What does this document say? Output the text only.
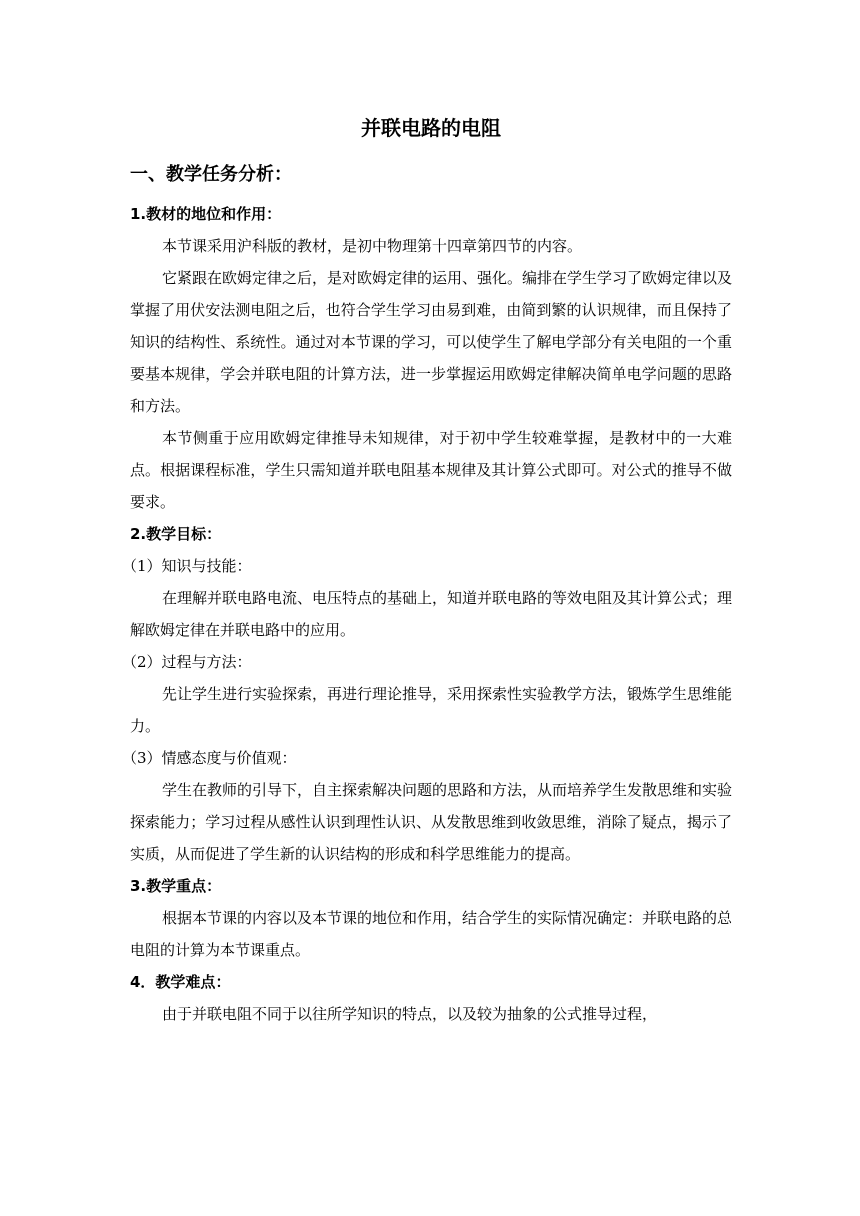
并联电路的电阻
一、教学任务分析：
1.教材的地位和作用：

本节课采用沪科版的教材，是初中物理第十四章第四节的内容。

它紧跟在欧姆定律之后，是对欧姆定律的运用、强化。编排在学生学习了欧姆定律以及掌握了用伏安法测电阻之后，也符合学生学习由易到难，由简到繁的认识规律，而且保持了知识的结构性、系统性。通过对本节课的学习，可以使学生了解电学部分有关电阻的一个重要基本规律，学会并联电阻的计算方法，进一步掌握运用欧姆定律解决简单电学问题的思路和方法。

本节侧重于应用欧姆定律推导未知规律，对于初中学生较难掌握，是教材中的一大难点。根据课程标准，学生只需知道并联电阻基本规律及其计算公式即可。对公式的推导不做要求。

2.教学目标：
（1）知识与技能：

在理解并联电路电流、电压特点的基础上，知道并联电路的等效电阻及其计算公式；理解欧姆定律在并联电路中的应用。

（2）过程与方法：

先让学生进行实验探索，再进行理论推导，采用探索性实验教学方法，锻炼学生思维能力。

（3）情感态度与价值观：

学生在教师的引导下，自主探索解决问题的思路和方法，从而培养学生发散思维和实验探索能力；学习过程从感性认识到理性认识、从发散思维到收敛思维，消除了疑点，揭示了实质，从而促进了学生新的认识结构的形成和科学思维能力的提高。

3.教学重点：

根据本节课的内容以及本节课的地位和作用，结合学生的实际情况确定：并联电路的总电阻的计算为本节课重点。

4．教学难点：

由于并联电阻不同于以往所学知识的特点，以及较为抽象的公式推导过程，
